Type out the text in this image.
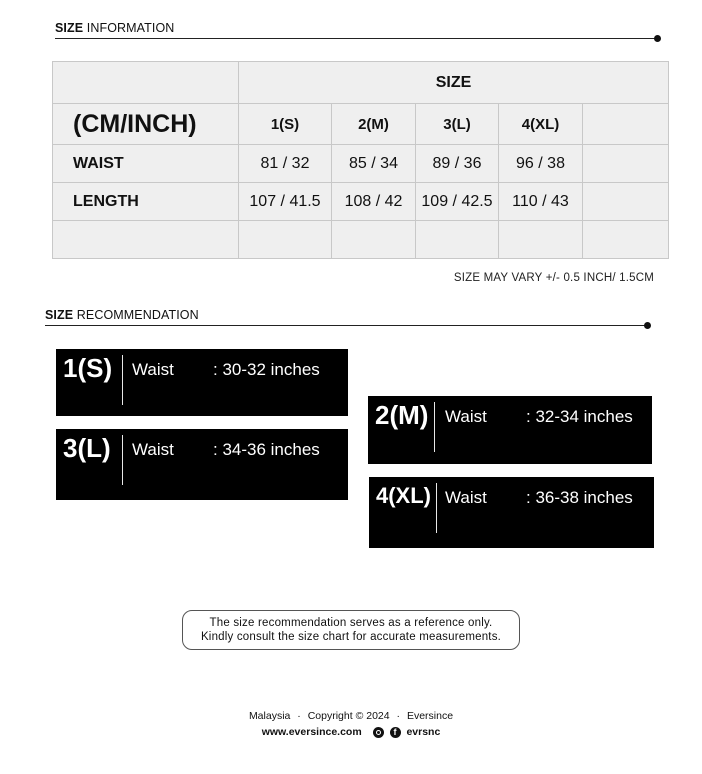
SIZE INFORMATION
	SIZE				
(CM/INCH)	1(S)	2(M)	3(L)	4(XL)	
WAIST	81 / 32	85 / 34	89 / 36	96 / 38	
LENGTH	107 / 41.5	108 / 42	109 / 42.5	110 / 43	

SIZE MAY VARY +/- 0.5 INCH/ 1.5CM
SIZE RECOMMENDATION
1(S) Waist : 30-32 inches
3(L) Waist : 34-36 inches
2(M) Waist : 32-34 inches
4(XL) Waist : 36-38 inches
The size recommendation serves as a reference only.
Kindly consult the size chart for accurate measurements.
Malaysia · Copyright © 2024 · Eversince
www.eversince.com	f evrsnc
